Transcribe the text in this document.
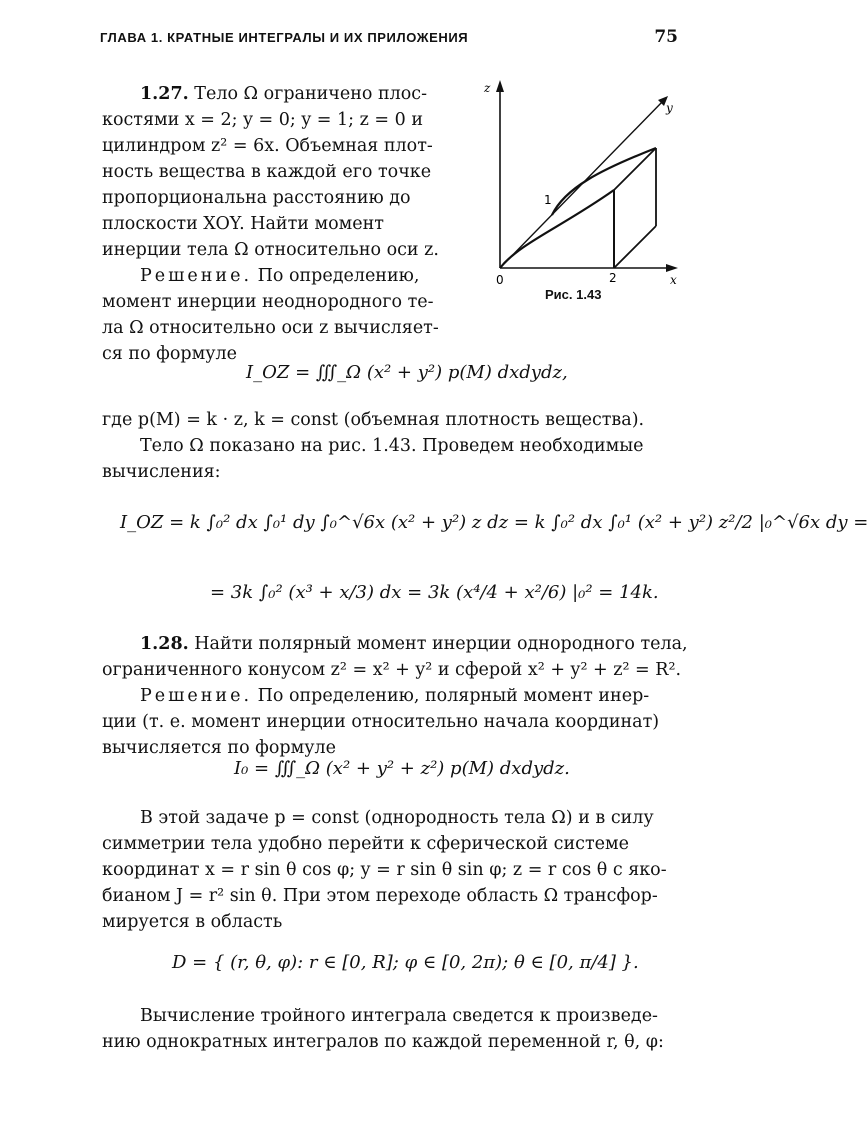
ГЛАВА 1. КРАТНЫЕ ИНТЕГРАЛЫ И ИХ ПРИЛОЖЕНИЯ	75
1.27. Тело Ω ограничено плос-
костями x = 2; y = 0; y = 1; z = 0 и
цилиндром z² = 6x. Объемная плот-
ность вещества в каждой его точке
пропорциональна расстоянию до
плоскости XOY. Найти момент
инерции тела Ω относительно оси z.
Решение. По определению,
момент инерции неоднородного те-
ла Ω относительно оси z вычисляет-
ся по формуле
I_OZ = ∭_Ω (x² + y²) p(M) dxdydz,
где p(M) = k · z, k = const (объемная плотность вещества).
Тело Ω показано на рис. 1.43. Проведем необходимые
вычисления:
I_OZ = k ∫₀² dx ∫₀¹ dy ∫₀^√6x (x² + y²) z dz = k ∫₀² dx ∫₀¹ (x² + y²) z²/2 |₀^√6x dy =
= 3k ∫₀² (x³ + x/3) dx = 3k (x⁴/4 + x²/6) |₀² = 14k.
z
y
x
0
1
2
Рис. 1.43
1.28. Найти полярный момент инерции однородного тела,
ограниченного конусом z² = x² + y² и сферой x² + y² + z² = R².
Решение. По определению, полярный момент инер-
ции (т. е. момент инерции относительно начала координат)
вычисляется по формуле
I₀ = ∭_Ω (x² + y² + z²) p(M) dxdydz.
В этой задаче p = const (однородность тела Ω) и в силу
симметрии тела удобно перейти к сферической системе
координат x = r sin θ cos φ; y = r sin θ sin φ; z = r cos θ с яко-
бианом J = r² sin θ. При этом переходе область Ω трансфор-
мируется в область
D = { (r, θ, φ): r ∈ [0, R]; φ ∈ [0, 2π); θ ∈ [0, π/4] }.
Вычисление тройного интеграла сведется к произведе-
нию однократных интегралов по каждой переменной r, θ, φ:
